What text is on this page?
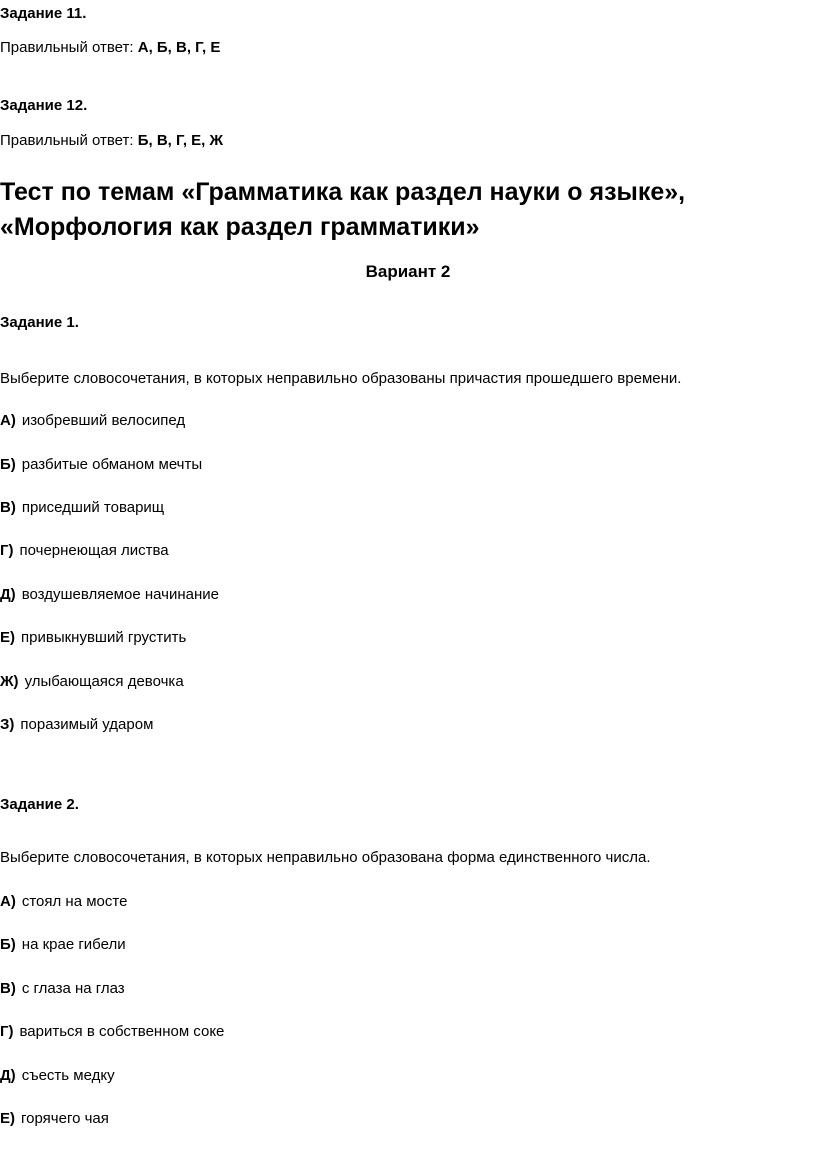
Задание 11.
Правильный ответ: А, Б, В, Г, Е
Задание 12.
Правильный ответ: Б, В, Г, Е, Ж
Тест по темам «Грамматика как раздел науки о языке»,
«Морфология как раздел грамматики»
Вариант 2
Задание 1.
Выберите словосочетания, в которых неправильно образованы причастия прошедшего времени.
А) изобревший велосипед
Б) разбитые обманом мечты
В) приседший товарищ
Г) почернеющая листва
Д) воздушевляемое начинание
Е) привыкнувший грустить
Ж) улыбающаяся девочка
З) поразимый ударом
Задание 2.
Выберите словосочетания, в которых неправильно образована форма единственного числа.
А) стоял на мосте
Б) на крае гибели
В) с глаза на глаз
Г) вариться в собственном соке
Д) съесть медку
Е) горячего чая
